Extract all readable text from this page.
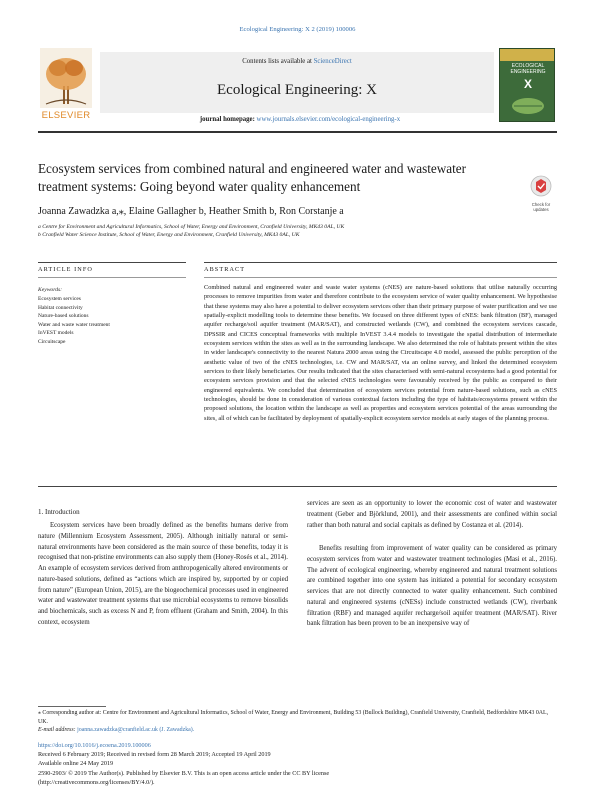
Ecological Engineering: X 2 (2019) 100006
Contents lists available at ScienceDirect
Ecological Engineering: X
journal homepage: www.journals.elsevier.com/ecological-engineering-x
ELSEVIER
ECOLOGICAL ENGINEERING
X
Ecosystem services from combined natural and engineered water and wastewater treatment systems: Going beyond water quality enhancement
Check for updates
Joanna Zawadzka a,⁎, Elaine Gallagher b, Heather Smith b, Ron Corstanje a
a Centre for Environment and Agricultural Informatics, School of Water, Energy and Environment, Cranfield University, MK43 0AL, UK
b Cranfield Water Science Institute, School of Water, Energy and Environment, Cranfield University, MK43 0AL, UK
ARTICLE INFO	ABSTRACT
Keywords:
Ecosystem services
Habitat connectivity
Nature-based solutions
Water and waste water treatment
InVEST models
Circuitscape
Combined natural and engineered water and waste water systems (cNES) are nature-based solutions that utilise naturally occurring processes to remove impurities from water and therefore contribute to the ecosystem service of water quality enhancement. We hypothesise that these systems may also have a potential to deliver ecosystem services other than their primary purpose of water purification and we use spatially-explicit modelling tools to determine these benefits. We focused on three different types of cNES: bank filtration (BF), managed aquifer recharge/soil aquifer treatment (MAR/SAT), and constructed wetlands (CW), and combined the ecosystem services cascade, DPSSIR and CICES conceptual frameworks with multiple InVEST 3.4.4 models to investigate the spatial distribution of intermediate ecosystem services within the sites as well as in the surrounding landscape. We also determined the role of habitats present within the sites in wider landscape's connectivity to the nearest Natura 2000 areas using the Circuitscape 4.0 model, assessed the public perception of the aesthetic value of two of the cNES technologies, i.e. CW and MAR/SAT, via an online survey, and linked the determined ecosystem services to their likely beneficiaries. Our results indicated that the sites characterised with semi-natural ecosystems had a good potential for ecosystem services provision and that the selected cNES technologies were favourably received by the public as compared to their engineered equivalents. We concluded that determination of ecosystem services potential from nature-based solutions, such as cNES technologies, should be done in consideration of various contextual factors including the type of habitats/ecosystems present within the proposed solutions, the location within the landscape as well as properties and ecosystem services potential of the areas surrounding the sites, all of which can be facilitated by deployment of spatially-explicit ecosystem service models at early stages of the planning process.
1. Introduction
Ecosystem services have been broadly defined as the benefits humans derive from nature (Millennium Ecosystem Assessment, 2005). Although initially natural or semi-natural environments have been considered as the main source of these benefits, today it is recognised that non-pristine environments can also supply them (Honey-Rosés et al., 2014). An example of ecosystem services derived from anthropogenically altered environments or nature-based solutions, defined as “actions which are inspired by, supported by or copied from nature” (European Union, 2015), are the biogeochemical processes used in engineered water and wastewater treatment systems that use microbial ecosystems to remove biosolids and biochemicals, such as excess N and P, from effluent (Graham and Smith, 2004). In this context, ecosystem
services are seen as an opportunity to lower the economic cost of water and wastewater treatment (Geber and Björklund, 2001), and their assessments are confined within social rather than both natural and social capitals as defined by Costanza et al. (2014).
Benefits resulting from improvement of water quality can be considered as primary ecosystem services from water and wastewater treatment technologies (Masi et al., 2016). The advent of ecological engineering, whereby engineered and natural treatment solutions are combined together into one system has initiated a potential for secondary ecosystem services that are not directly connected to water quality enhancement. Such combined natural and engineered systems (cNESs) include constructed wetlands (CW), riverbank filtration (RBF) and managed aquifer recharge/soil aquifer treatment (MAR/SAT). River bank filtration has been proven to be an inexpensive way of
⁎ Corresponding author at: Centre for Environment and Agricultural Informatics, School of Water, Energy and Environment, Building 53 (Bullock Building), Cranfield University, Cranfield, Bedfordshire MK43 0AL, UK.
E-mail address: joanna.zawadzka@cranfield.ac.uk (J. Zawadzka).
https://doi.org/10.1016/j.ecoena.2019.100006
Received 6 February 2019; Received in revised form 28 March 2019; Accepted 19 April 2019
Available online 24 May 2019
2590-2903/ © 2019 The Author(s). Published by Elsevier B.V. This is an open access article under the CC BY license
(http://creativecommons.org/licenses/BY/4.0/).
